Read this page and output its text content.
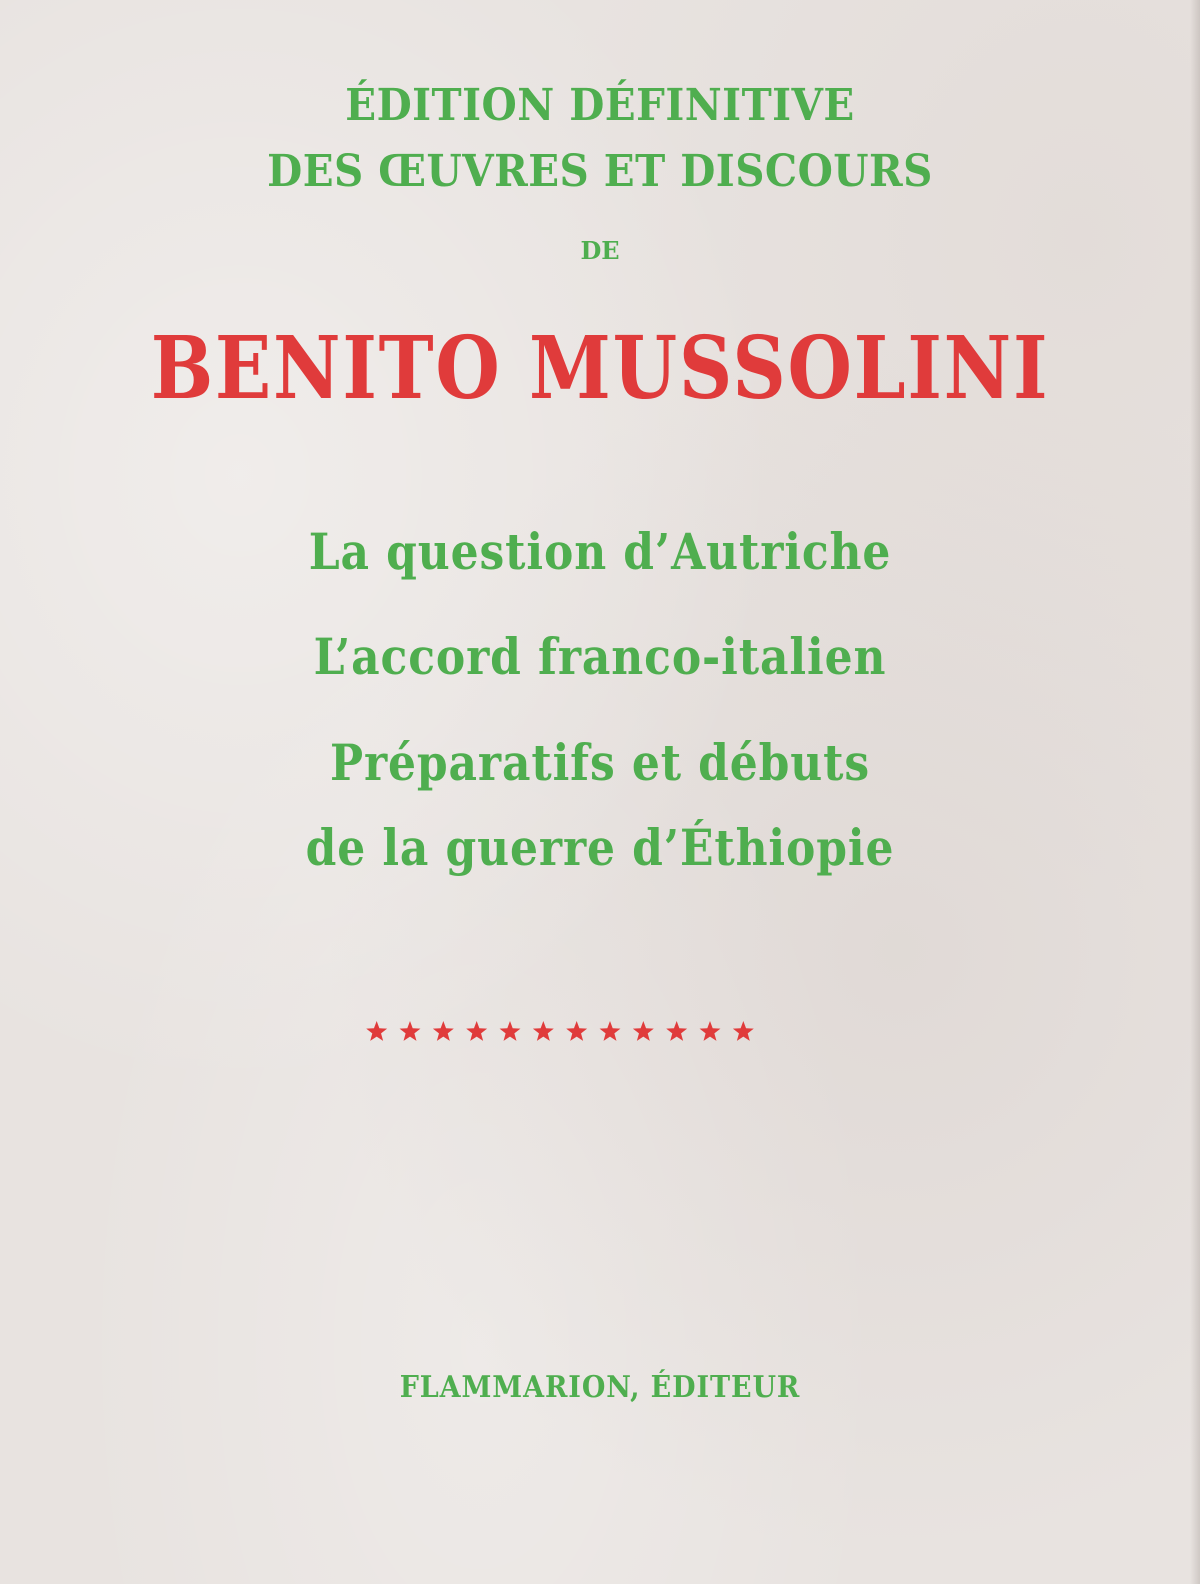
ÉDITION DÉFINITIVE

DES ŒUVRES ET DISCOURS

DE

BENITO MUSSOLINI

La question d’Autriche

L’accord franco-italien

Préparatifs et débuts

de la guerre d’Éthiopie

FLAMMARION, ÉDITEUR
